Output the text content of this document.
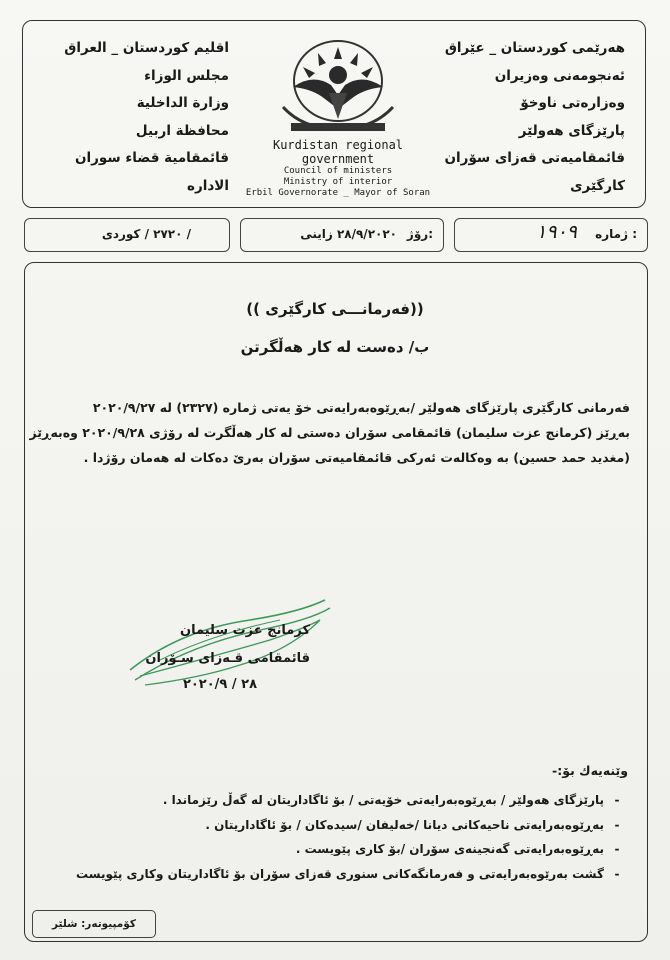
هەرێمی کوردستان _ عێراق
ئەنجومەنی وەزیران
وەزارەتی ناوخۆ
پارێزگای هەولێر
قائمقامیەتی قەزای سۆران
کارگێری
Kurdistan regional
government
Council of ministers
Ministry of interior
Erbil Governorate _ Mayor of Soran
اقليم كوردستان _ العراق
مجلس الوزاء
وزارة الداخلية
محافظة اربيل
قائمقامية قضاء سوران
الاداره
ژمارە :
١٩٠٩
رۆژ:
٢٨/٩/٢٠٢٠ زاینی
/ ٢٧٢٠ / کوردی
((فەرمانـــی کارگێری ))
ب/ دەست لە کار هەڵگرتن
فەرمانی کارگێری پارێزگای هەولێر /بەڕێوەبەرایەتی خۆ یەتی ژمارە (٢٣٢٧) لە ٢٠٢٠/٩/٢٧
بەڕێز (کرمانج عزت سليمان) قائمقامی سۆران دەستی لە کار هەڵگرت لە رۆژی ٢٠٢٠/٩/٢٨ وەبەڕێز
(مغديد حمد حسين) بە وەکالەت ئەرکی قائمقامیەتی سۆران بەرێ دەکات لە هەمان رۆژدا .
کرمانج عزت سليمان
قائمقامی قـەزای سـۆران
٢٨ / ٢٠٢٠/٩
وێنەیەك بۆ:-
-پارێزگای هەولێر / بەڕێوەبەرایەتی خۆیەتی / بۆ ئاگاداریتان لە گەڵ رێزماندا .
-بەڕێوەبەرایەتی ناحیەکانی دیانا /خەلیفان /سیدەکان / بۆ ئاگاداریتان .
-بەڕێوەبەرایەتی گەنجینەی سۆران /بۆ کاری پێویست .
-گشت بەرێوەبەرایەتی و فەرمانگەکانی سنوری قەزای سۆران بۆ ئاگاداریتان وکاری پێویست
کۆمپیوتەر: شلێر
